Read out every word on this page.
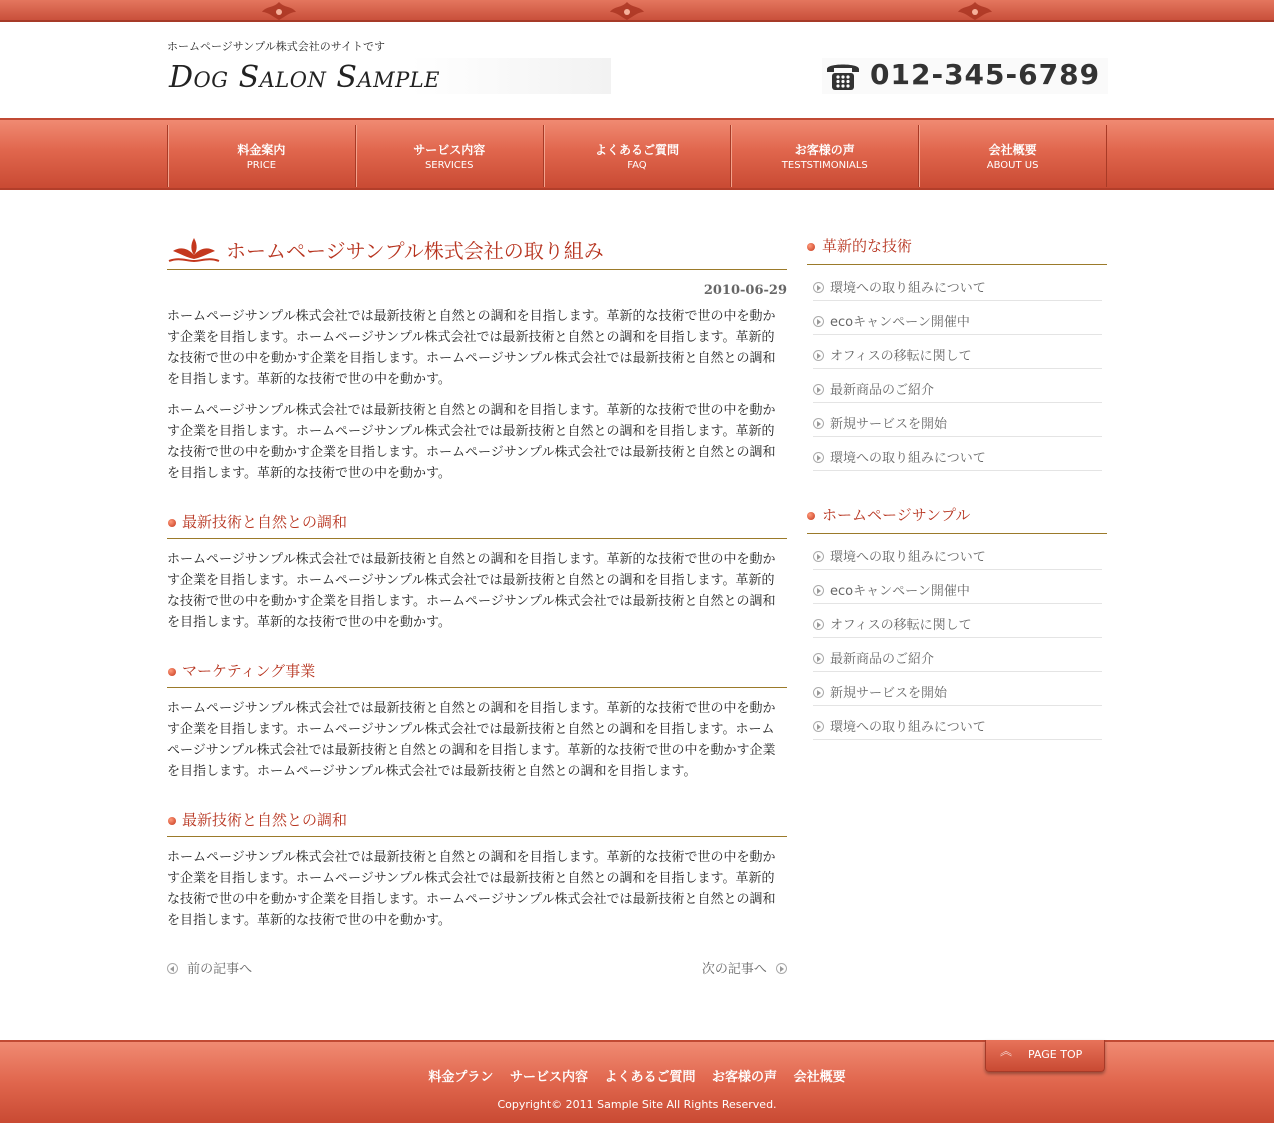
ホームページサンプル株式会社のサイトです
Dog Salon Sample	012-345-6789
料金案内
PRICE
サービス内容
SERVICES
よくあるご質問
FAQ
お客様の声
TESTSTIMONIALS
会社概要
ABOUT US
ホームページサンプル株式会社の取り組み
2010-06-29

ホームページサンプル株式会社では最新技術と自然との調和を目指します。革新的な技術で世の中を動かす企業を目指します。ホームページサンプル株式会社では最新技術と自然との調和を目指します。革新的な技術で世の中を動かす企業を目指します。ホームページサンプル株式会社では最新技術と自然との調和を目指します。革新的な技術で世の中を動かす。

ホームページサンプル株式会社では最新技術と自然との調和を目指します。革新的な技術で世の中を動かす企業を目指します。ホームページサンプル株式会社では最新技術と自然との調和を目指します。革新的な技術で世の中を動かす企業を目指します。ホームページサンプル株式会社では最新技術と自然との調和を目指します。革新的な技術で世の中を動かす。

最新技術と自然との調和

ホームページサンプル株式会社では最新技術と自然との調和を目指します。革新的な技術で世の中を動かす企業を目指します。ホームページサンプル株式会社では最新技術と自然との調和を目指します。革新的な技術で世の中を動かす企業を目指します。ホームページサンプル株式会社では最新技術と自然との調和を目指します。革新的な技術で世の中を動かす。

マーケティング事業

ホームページサンプル株式会社では最新技術と自然との調和を目指します。革新的な技術で世の中を動かす企業を目指します。ホームページサンプル株式会社では最新技術と自然との調和を目指します。ホームページサンプル株式会社では最新技術と自然との調和を目指します。革新的な技術で世の中を動かす企業を目指します。ホームページサンプル株式会社では最新技術と自然との調和を目指します。

最新技術と自然との調和

ホームページサンプル株式会社では最新技術と自然との調和を目指します。革新的な技術で世の中を動かす企業を目指します。ホームページサンプル株式会社では最新技術と自然との調和を目指します。革新的な技術で世の中を動かす企業を目指します。ホームページサンプル株式会社では最新技術と自然との調和を目指します。革新的な技術で世の中を動かす。

前の記事へ	次の記事へ
革新的な技術
環境への取り組みについて
ecoキャンペーン開催中
オフィスの移転に関して
最新商品のご紹介
新規サービスを開始
環境への取り組みについて
ホームページサンプル
環境への取り組みについて
ecoキャンペーン開催中
オフィスの移転に関して
最新商品のご紹介
新規サービスを開始
環境への取り組みについて
料金プラン サービス内容 よくあるご質問 お客様の声 会社概要
Copyright© 2011 Sample Site All Rights Reserved.
︽ PAGE TOP
